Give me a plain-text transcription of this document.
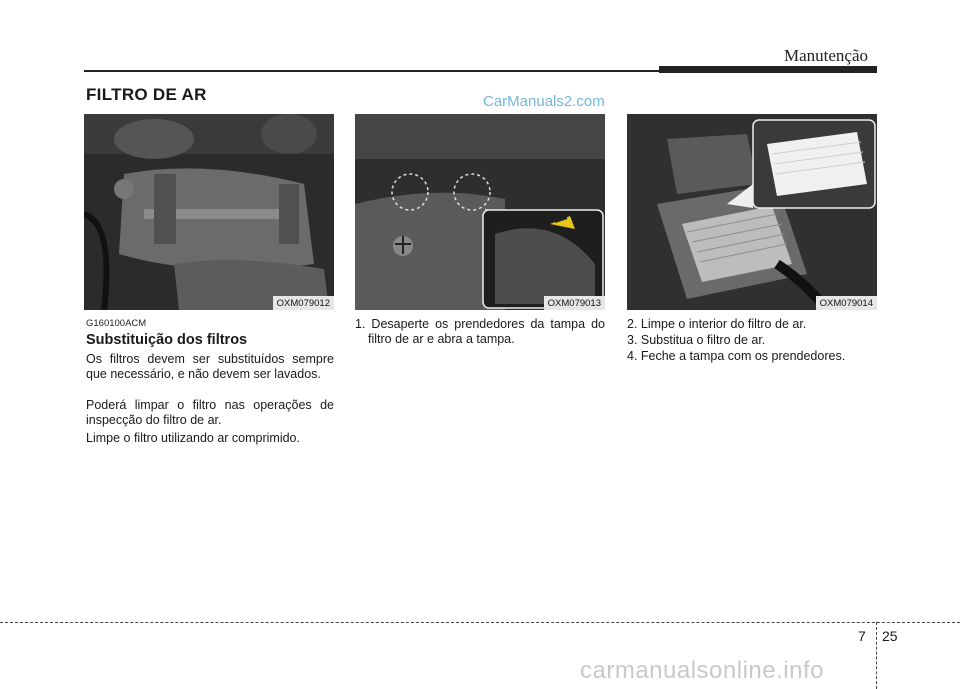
Manutenção
FILTRO DE AR	CarManuals2.com
OXM079012	OXM079013	OXM079014
G160100ACM
Substituição dos filtros
Os filtros devem ser substituídos sempre que necessário, e não devem ser lavados.
Poderá limpar o filtro nas operações de inspecção do filtro de ar.
Limpe o filtro utilizando ar comprimido.
1. Desaperte os prendedores da tampa do filtro de ar e abra a tampa.
2. Limpe o interior do filtro de ar.
3. Substitua o filtro de ar.
4. Feche a tampa com os prendedores.
7 25
carmanualsonline.info
